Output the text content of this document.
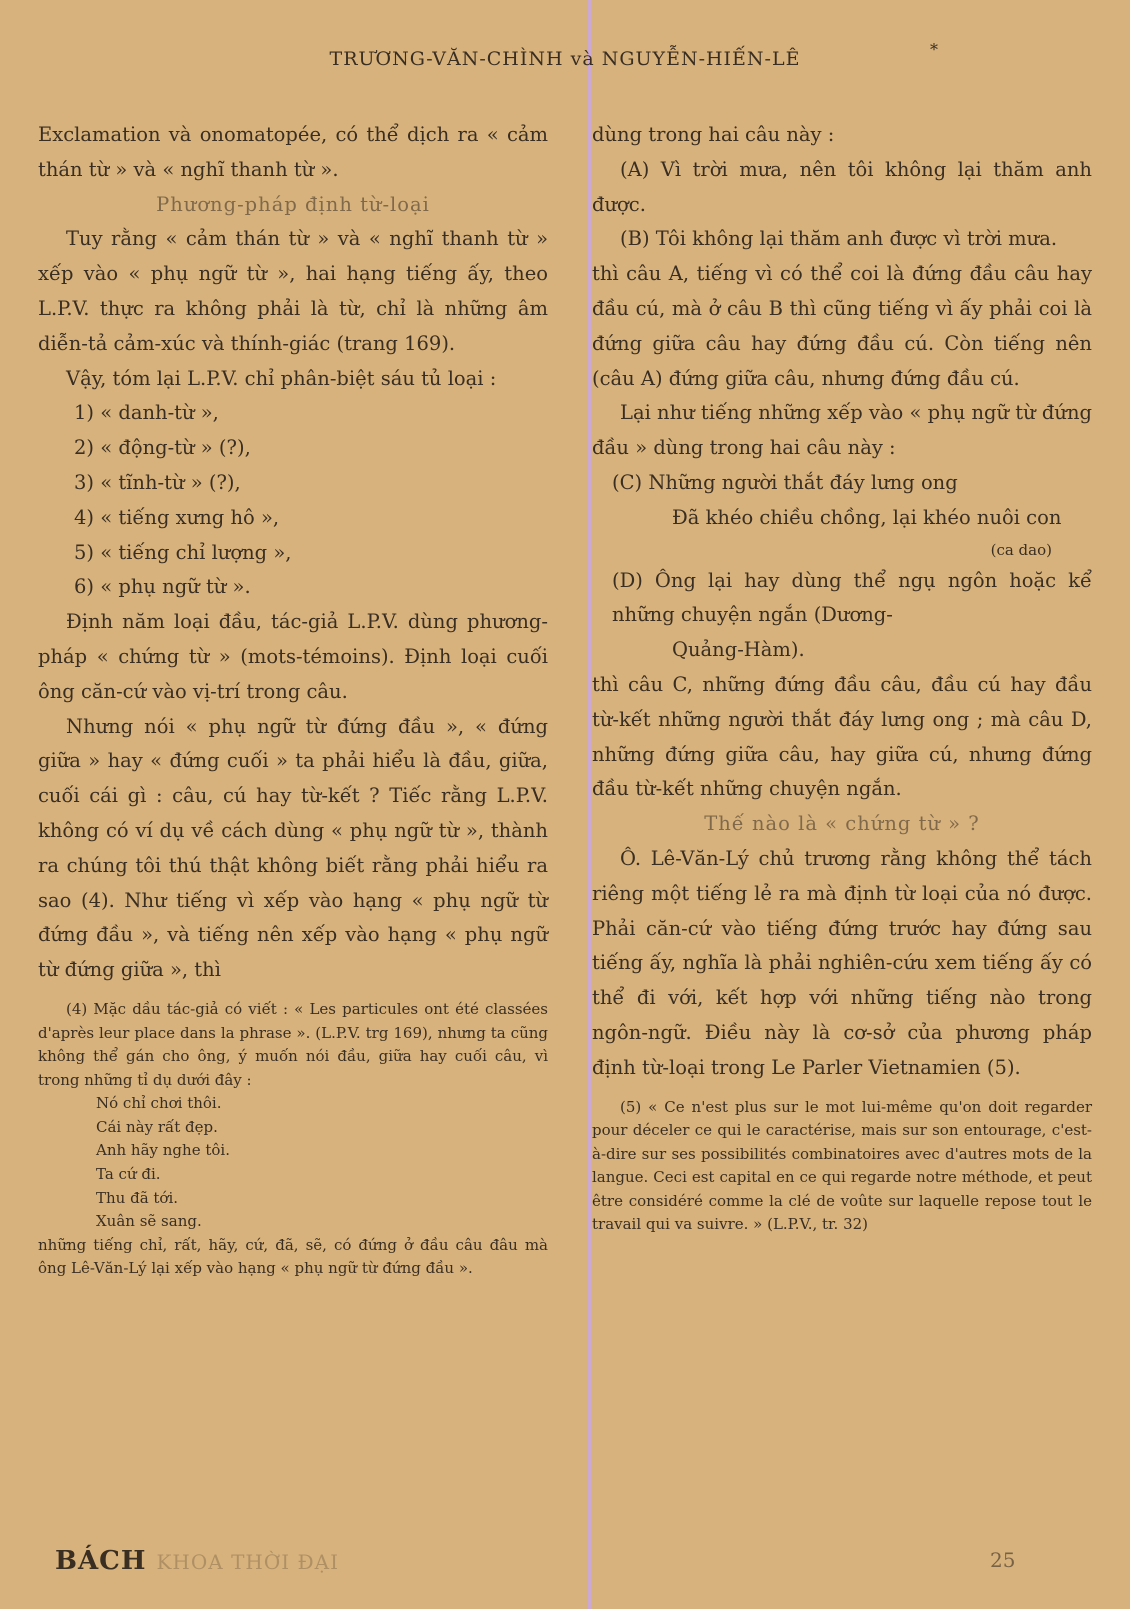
TRƯƠNG-VĂN-CHÌNH và NGUYỄN-HIẾN-LÊ	*

Exclamation và onomatopée, có thể dịch ra « cảm thán từ » và « nghĩ thanh từ ».

Phương-pháp định từ-loại

Tuy rằng « cảm thán từ » và « nghĩ thanh từ » xếp vào « phụ ngữ từ », hai hạng tiếng ấy, theo L.P.V. thực ra không phải là từ, chỉ là những âm diễn-tả cảm-xúc và thính-giác (trang 169).

Vậy, tóm lại L.P.V. chỉ phân-biệt sáu tủ loại :

1) « danh-từ »,

2) « động-từ » (?),

3) « tĩnh-từ » (?),

4) « tiếng xưng hô »,

5) « tiếng chỉ lượng »,

6) « phụ ngữ từ ».

Định năm loại đầu, tác-giả L.P.V. dùng phương-pháp « chứng từ » (mots-témoins). Định loại cuối ông căn-cứ vào vị-trí trong câu.

Nhưng nói « phụ ngữ từ đứng đầu », « đứng giữa » hay « đứng cuối » ta phải hiểu là đầu, giữa, cuối cái gì : câu, cú hay từ-kết ? Tiếc rằng L.P.V. không có ví dụ về cách dùng « phụ ngữ từ », thành ra chúng tôi thú thật không biết rằng phải hiểu ra sao (4). Như tiếng vì xếp vào hạng « phụ ngữ từ đứng đầu », và tiếng nên xếp vào hạng « phụ ngữ từ đứng giữa », thì

(4) Mặc dầu tác-giả có viết : « Les particules ont été classées d'après leur place dans la phrase ». (L.P.V. trg 169), nhưng ta cũng không thể gán cho ông, ý muốn nói đầu, giữa hay cuối câu, vì trong những tỉ dụ dưới đây :

Nó chỉ chơi thôi.

Cái này rất đẹp.

Anh hãy nghe tôi.

Ta cứ đi.

Thu đã tới.

Xuân sẽ sang.

những tiếng chỉ, rất, hãy, cứ, đã, sẽ, có đứng ở đầu câu đâu mà ông Lê-Văn-Lý lại xếp vào hạng « phụ ngữ từ đứng đầu ».

dùng trong hai câu này :

(A) Vì trời mưa, nên tôi không lại thăm anh được.

(B) Tôi không lại thăm anh được vì trời mưa.

thì câu A, tiếng vì có thể coi là đứng đầu câu hay đầu cú, mà ở câu B thì cũng tiếng vì ấy phải coi là đứng giữa câu hay đứng đầu cú. Còn tiếng nên (câu A) đứng giữa câu, nhưng đứng đầu cú.

Lại như tiếng những xếp vào « phụ ngữ từ đứng đầu » dùng trong hai câu này :

(C) Những người thắt đáy lưng ong

Đã khéo chiều chồng, lại khéo nuôi con

(ca dao)

(D) Ông lại hay dùng thể ngụ ngôn hoặc kể những chuyện ngắn (Dương-

Quảng-Hàm).

thì câu C, những đứng đầu câu, đầu cú hay đầu từ-kết những người thắt đáy lưng ong ; mà câu D, những đứng giữa câu, hay giữa cú, nhưng đứng đầu từ-kết những chuyện ngắn.

Thế nào là « chứng từ » ?

Ô. Lê-Văn-Lý chủ trương rằng không thể tách riêng một tiếng lẻ ra mà định từ loại của nó được. Phải căn-cứ vào tiếng đứng trước hay đứng sau tiếng ấy, nghĩa là phải nghiên-cứu xem tiếng ấy có thể đi với, kết hợp với những tiếng nào trong ngôn-ngữ. Điều này là cơ-sở của phương pháp định từ-loại trong Le Parler Vietnamien (5).

(5) « Ce n'est plus sur le mot lui-même qu'on doit regarder pour déceler ce qui le caractérise, mais sur son entourage, c'est-à-dire sur ses possibilités combinatoires avec d'autres mots de la langue. Ceci est capital en ce qui regarde notre méthode, et peut être considéré comme la clé de voûte sur laquelle repose tout le travail qui va suivre. » (L.P.V., tr. 32)

BÁCH KHOA THỜI ĐẠI	25
